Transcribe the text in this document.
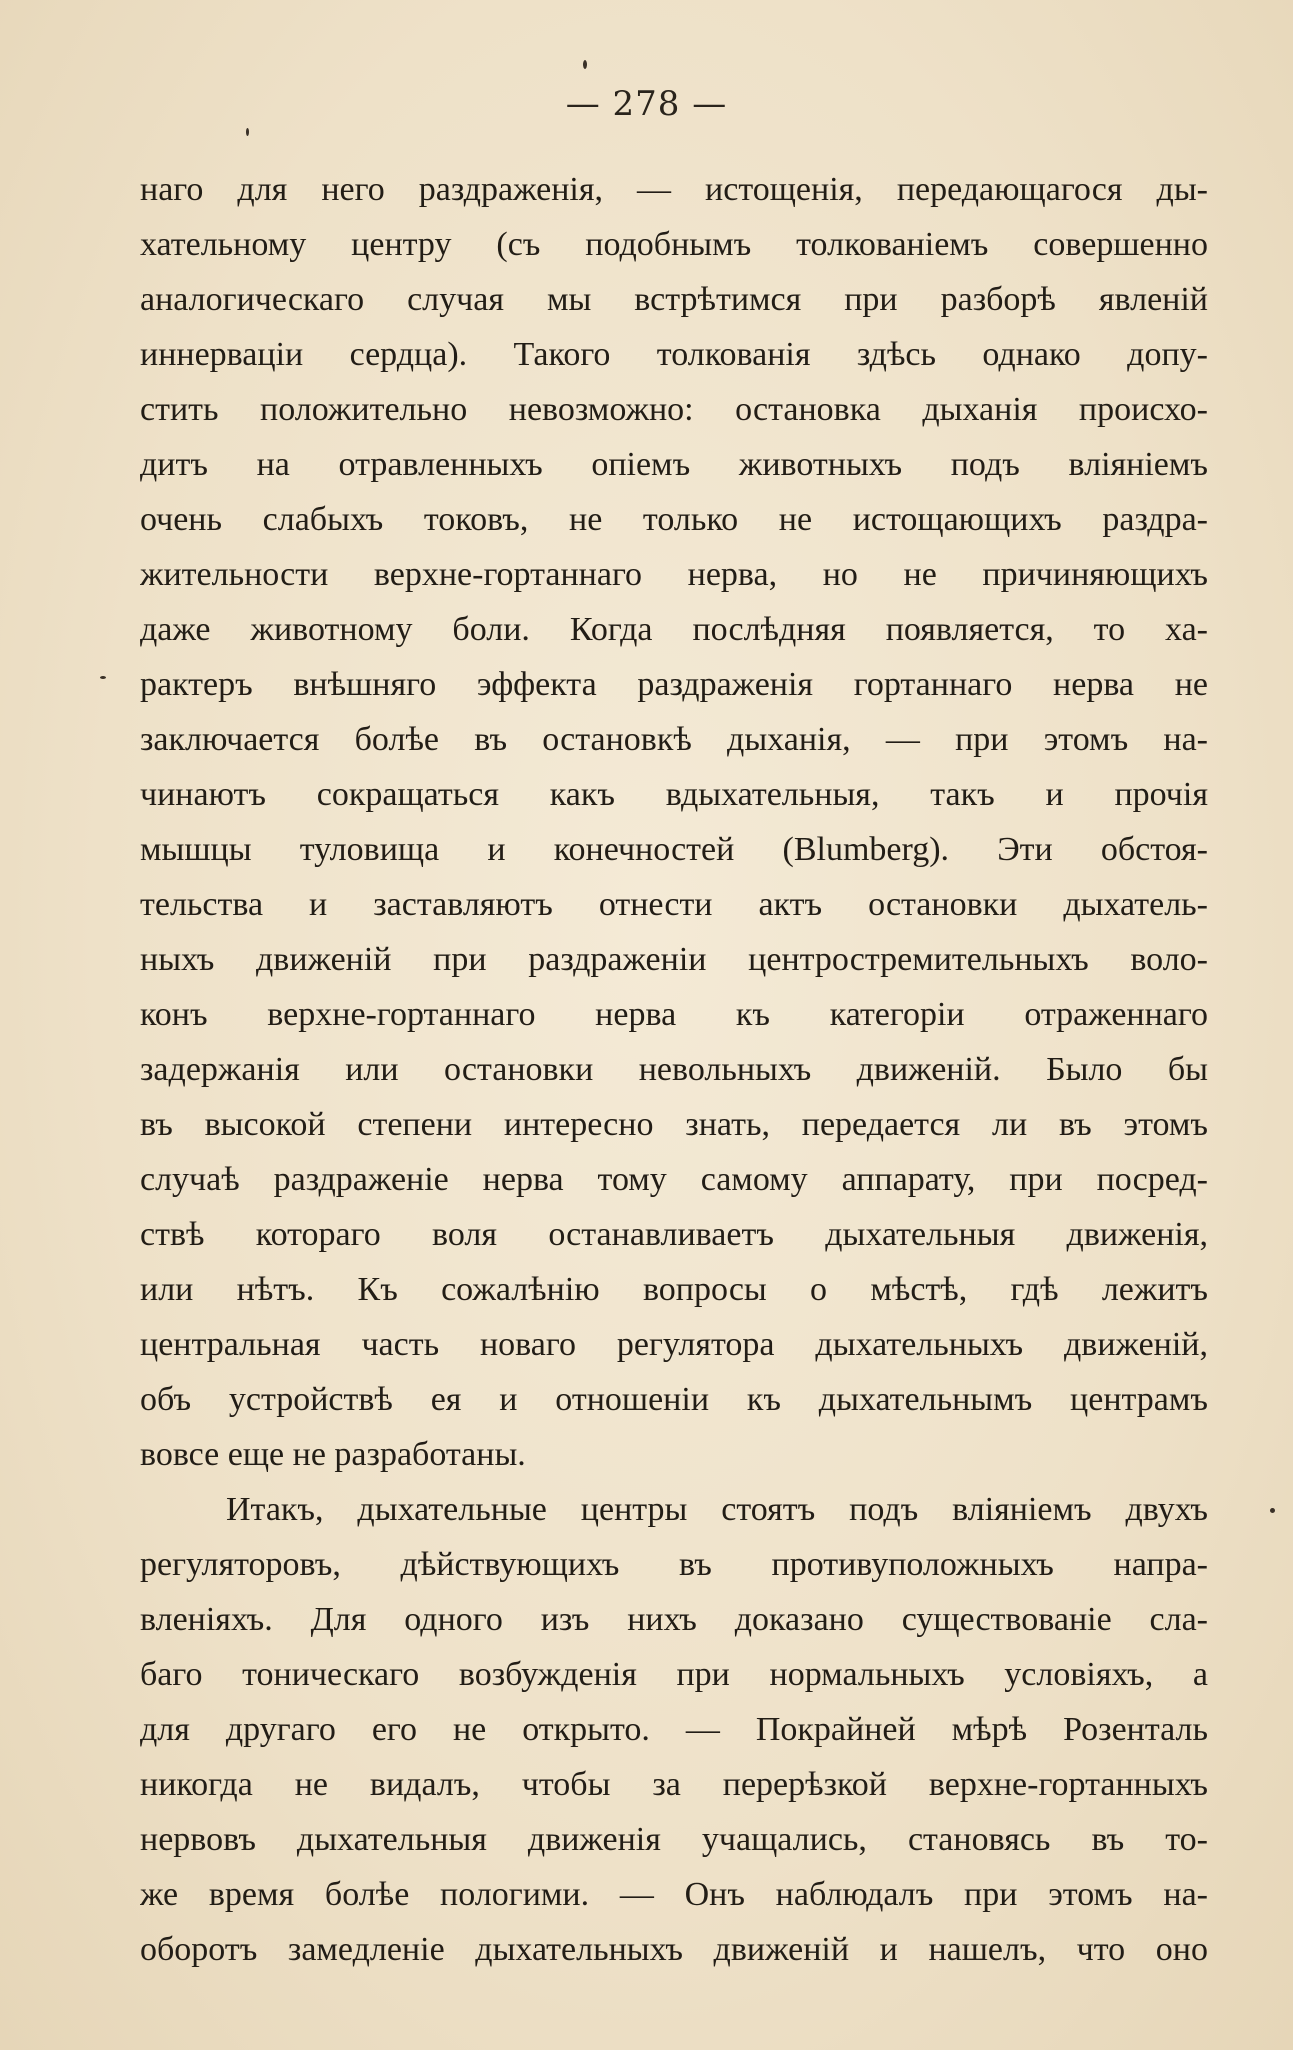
— 278 —
наго для него раздраженія, — истощенія, передающагося ды-
хательному центру (съ подобнымъ толкованіемъ совершенно
аналогическаго случая мы встрѣтимся при разборѣ явленій
иннерваціи сердца). Такого толкованія здѣсь однако допу-
стить положительно невозможно: остановка дыханія происхо-
дитъ на отравленныхъ опіемъ животныхъ подъ вліяніемъ
очень слабыхъ токовъ, не только не истощающихъ раздра-
жительности верхне-гортаннаго нерва, но не причиняющихъ
даже животному боли. Когда послѣдняя появляется, то ха-
рактеръ внѣшняго эффекта раздраженія гортаннаго нерва не
заключается болѣе въ остановкѣ дыханія, — при этомъ на-
чинаютъ сокращаться какъ вдыхательныя, такъ и прочія
мышцы туловища и конечностей (Blumberg). Эти обстоя-
тельства и заставляютъ отнести актъ остановки дыхатель-
ныхъ движеній при раздраженіи центростремительныхъ воло-
конъ верхне-гортаннаго нерва къ категоріи отраженнаго
задержанія или остановки невольныхъ движеній. Было бы
въ высокой степени интересно знать, передается ли въ этомъ
случаѣ раздраженіе нерва тому самому аппарату, при посред-
ствѣ котораго воля останавливаетъ дыхательныя движенія,
или нѣтъ. Къ сожалѣнію вопросы о мѣстѣ, гдѣ лежитъ
центральная часть новаго регулятора дыхательныхъ движеній,
объ устройствѣ ея и отношеніи къ дыхательнымъ центрамъ
вовсе еще не разработаны.
Итакъ, дыхательные центры стоятъ подъ вліяніемъ двухъ
регуляторовъ, дѣйствующихъ въ противуположныхъ напра-
вленіяхъ. Для одного изъ нихъ доказано существованіе сла-
баго тоническаго возбужденія при нормальныхъ условіяхъ, а
для другаго его не открыто. — Покрайней мѣрѣ Розенталь
никогда не видалъ, чтобы за перерѣзкой верхне-гортанныхъ
нервовъ дыхательныя движенія учащались, становясь въ то-
же время болѣе пологими. — Онъ наблюдалъ при этомъ на-
оборотъ замедленіе дыхательныхъ движеній и нашелъ, что оно
